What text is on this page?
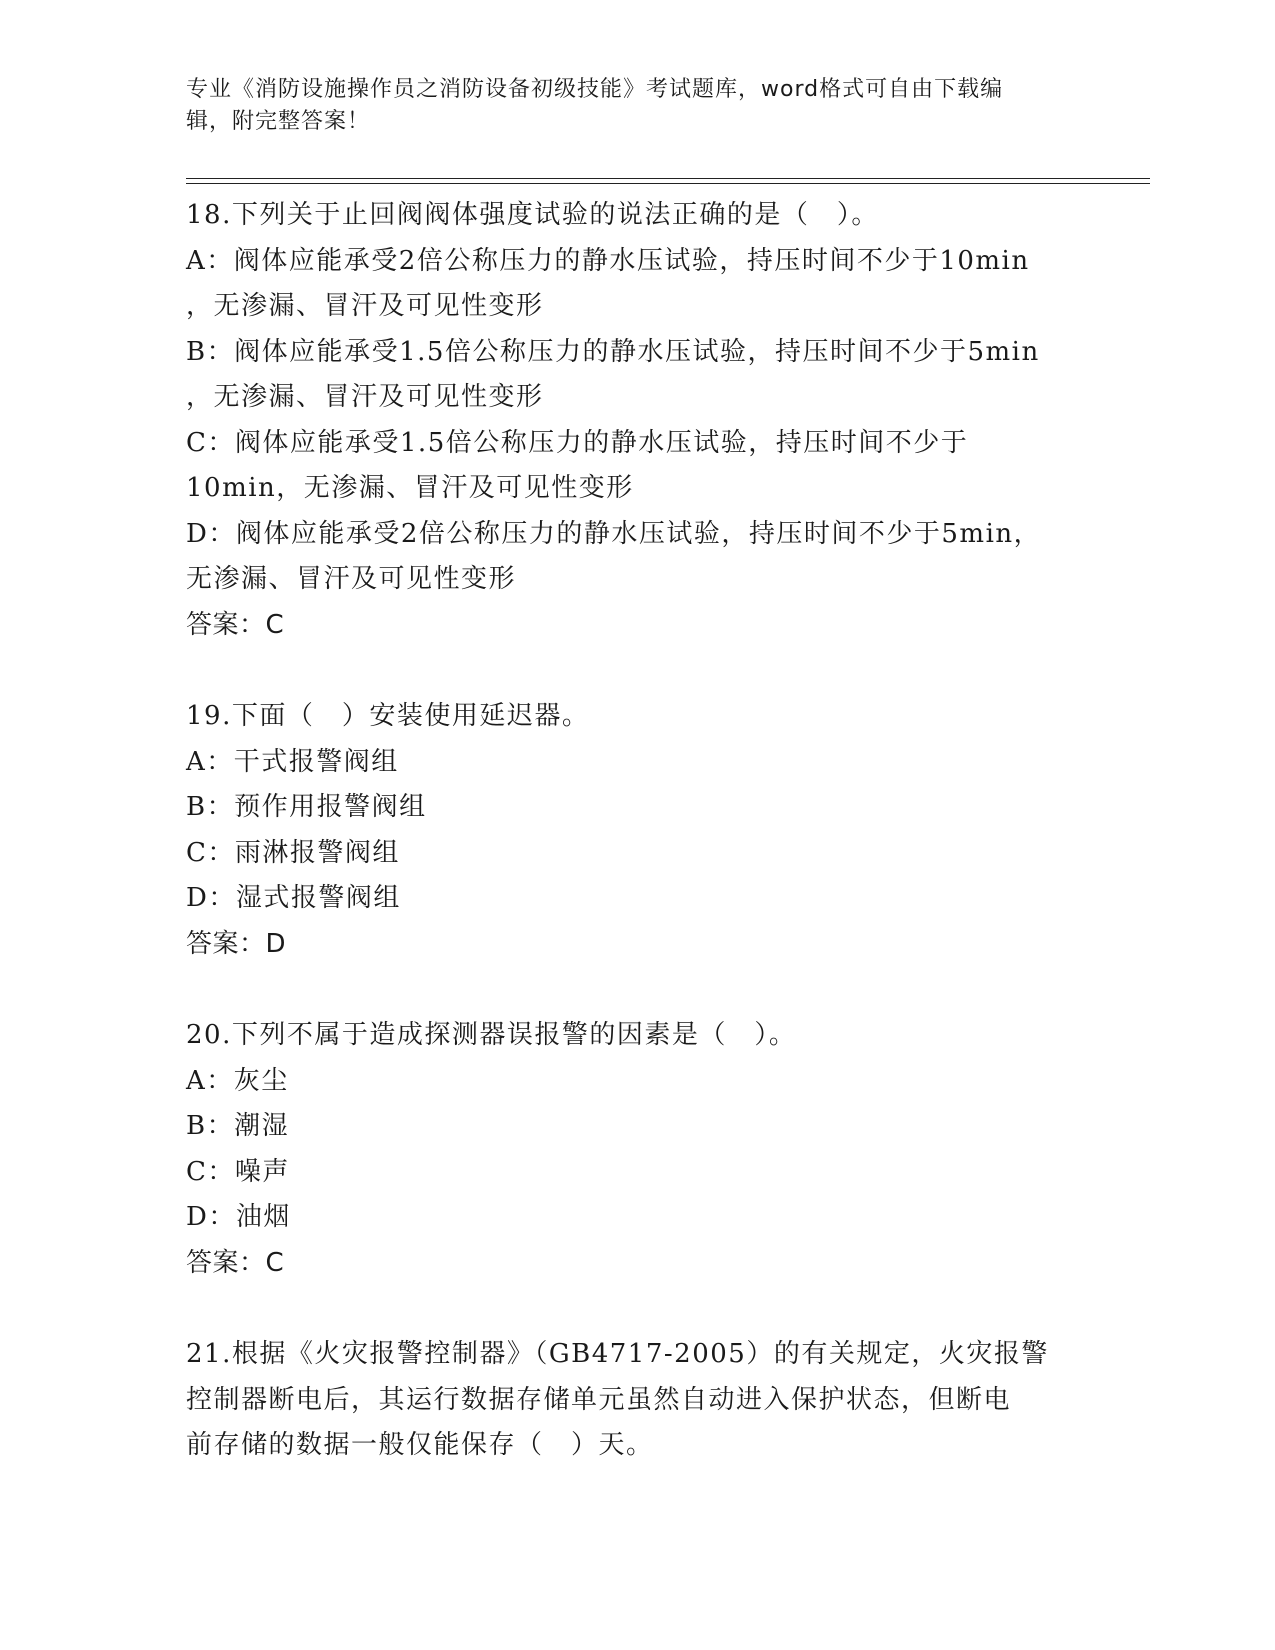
专业《消防设施操作员之消防设备初级技能》考试题库，word格式可自由下载编
辑，附完整答案！
18.下列关于止回阀阀体强度试验的说法正确的是（　）。
A：阀体应能承受2倍公称压力的静水压试验，持压时间不少于10min
，无渗漏、冒汗及可见性变形
B：阀体应能承受1.5倍公称压力的静水压试验，持压时间不少于5min
，无渗漏、冒汗及可见性变形
C：阀体应能承受1.5倍公称压力的静水压试验，持压时间不少于
10min，无渗漏、冒汗及可见性变形
D：阀体应能承受2倍公称压力的静水压试验，持压时间不少于5min，
无渗漏、冒汗及可见性变形
答案：C
19.下面（　）安装使用延迟器。
A：干式报警阀组
B：预作用报警阀组
C：雨淋报警阀组
D：湿式报警阀组
答案：D
20.下列不属于造成探测器误报警的因素是（　）。
A：灰尘
B：潮湿
C：噪声
D：油烟
答案：C
21.根据《火灾报警控制器》（GB4717-2005）的有关规定，火灾报警
控制器断电后，其运行数据存储单元虽然自动进入保护状态，但断电
前存储的数据一般仅能保存（　）天。
